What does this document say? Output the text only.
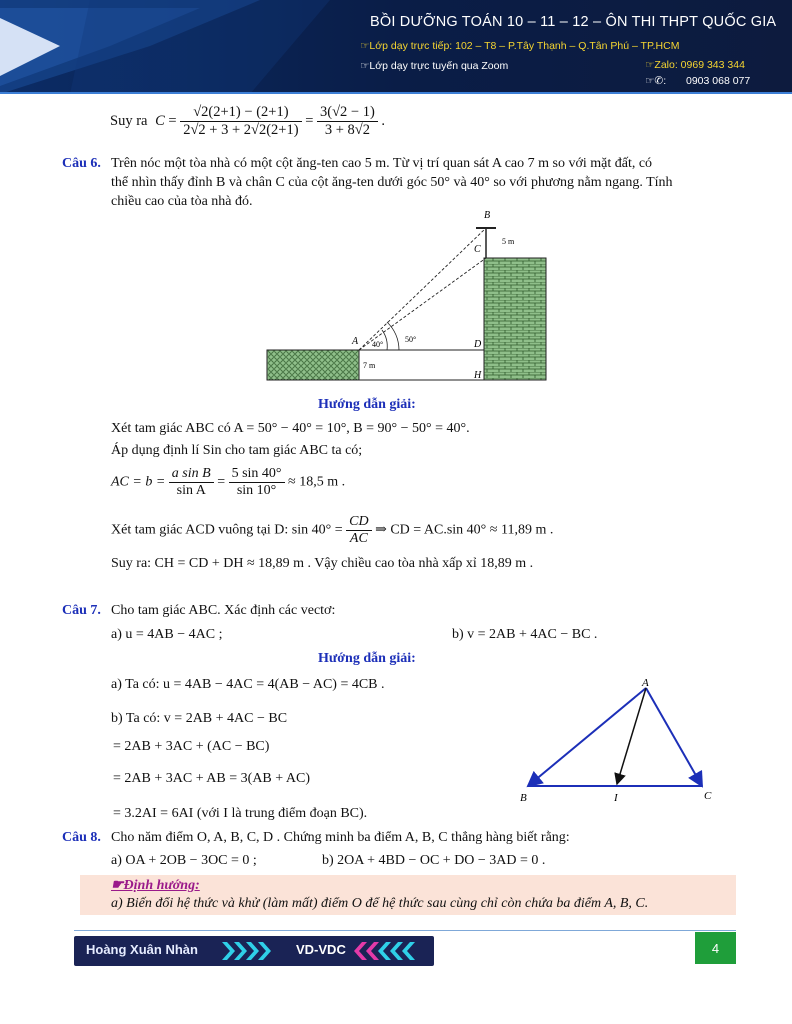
BỒI DƯỠNG TOÁN 10 – 11 – 12 – ÔN THI THPT QUỐC GIA
☞Lớp dạy trực tiếp: 102 – T8 – P.Tây Thạnh – Q.Tân Phú – TP.HCM
☞Lớp dạy trực tuyến qua Zoom	☞Zalo: 0969 343 344
☞✆: 0903 068 077
Suy ra $C = \frac{√2(2+1) - (2+1)}{2√2 + 3 + 2√2(2+1)} = \frac{3(√2 - 1)}{3 + 8√2}$ .
Câu 6. Trên nóc một tòa nhà có một cột ăng-ten cao 5 m. Từ vị trí quan sát A cao 7 m so với mặt đất, có
thể nhìn thấy đỉnh B và chân C của cột ăng-ten dưới góc 50° và 40° so với phương nằm ngang. Tính
chiều cao của tòa nhà đó.
B
C
5 m
A	D
H
7 m
50°
40°
Hướng dẫn giải:
Xét tam giác ABC có A = 50° − 40° = 10°, B = 90° − 50° = 40°.
Áp dụng định lí Sin cho tam giác ABC ta có;
AC = $b = \frac{\text{a sin B}}{\text{sin A}} = \frac{5 \sin 40^\circ}{\sin 10^\circ} \approx 18,5$ m .
Xét tam giác ACD vuông tại D: $\sin 40^\circ = \frac{CD}{AC}$ ⇒ CD = AC.sin 40° ≈ 11,89 m .
Suy ra: CH = CD + DH ≈ 18,89 m . Vậy chiều cao tòa nhà xấp xỉ 18,89 m .
Câu 7. Cho tam giác ABC. Xác định các vectơ:
a) u = 4AB − 4AC ;	b) v = 2AB + 4AC − BC .
Hướng dẫn giải:
a) Ta có: u = 4AB − 4AC = 4(AB − AC) = 4CB .
b) Ta có: v = 2AB + 4AC − BC
= 2AB + 3AC + (AC − BC)
= 2AB + 3AC + AB = 3(AB + AC)
= 3.2AI = 6AI (với I là trung điểm đoạn BC).
A
B	C
I
Câu 8. Cho năm điểm O, A, B, C, D . Chứng minh ba điểm A, B, C thẳng hàng biết rằng:
a) OA + 2OB − 3OC = 0 ;	b) 2OA + 4BD − OC + DO − 3AD = 0 .
☛Định hướng:
a) Biến đổi hệ thức và khử (làm mất) điểm O để hệ thức sau cùng chỉ còn chứa ba điểm A, B, C.
Hoàng Xuân Nhàn	VD-VDC	4
